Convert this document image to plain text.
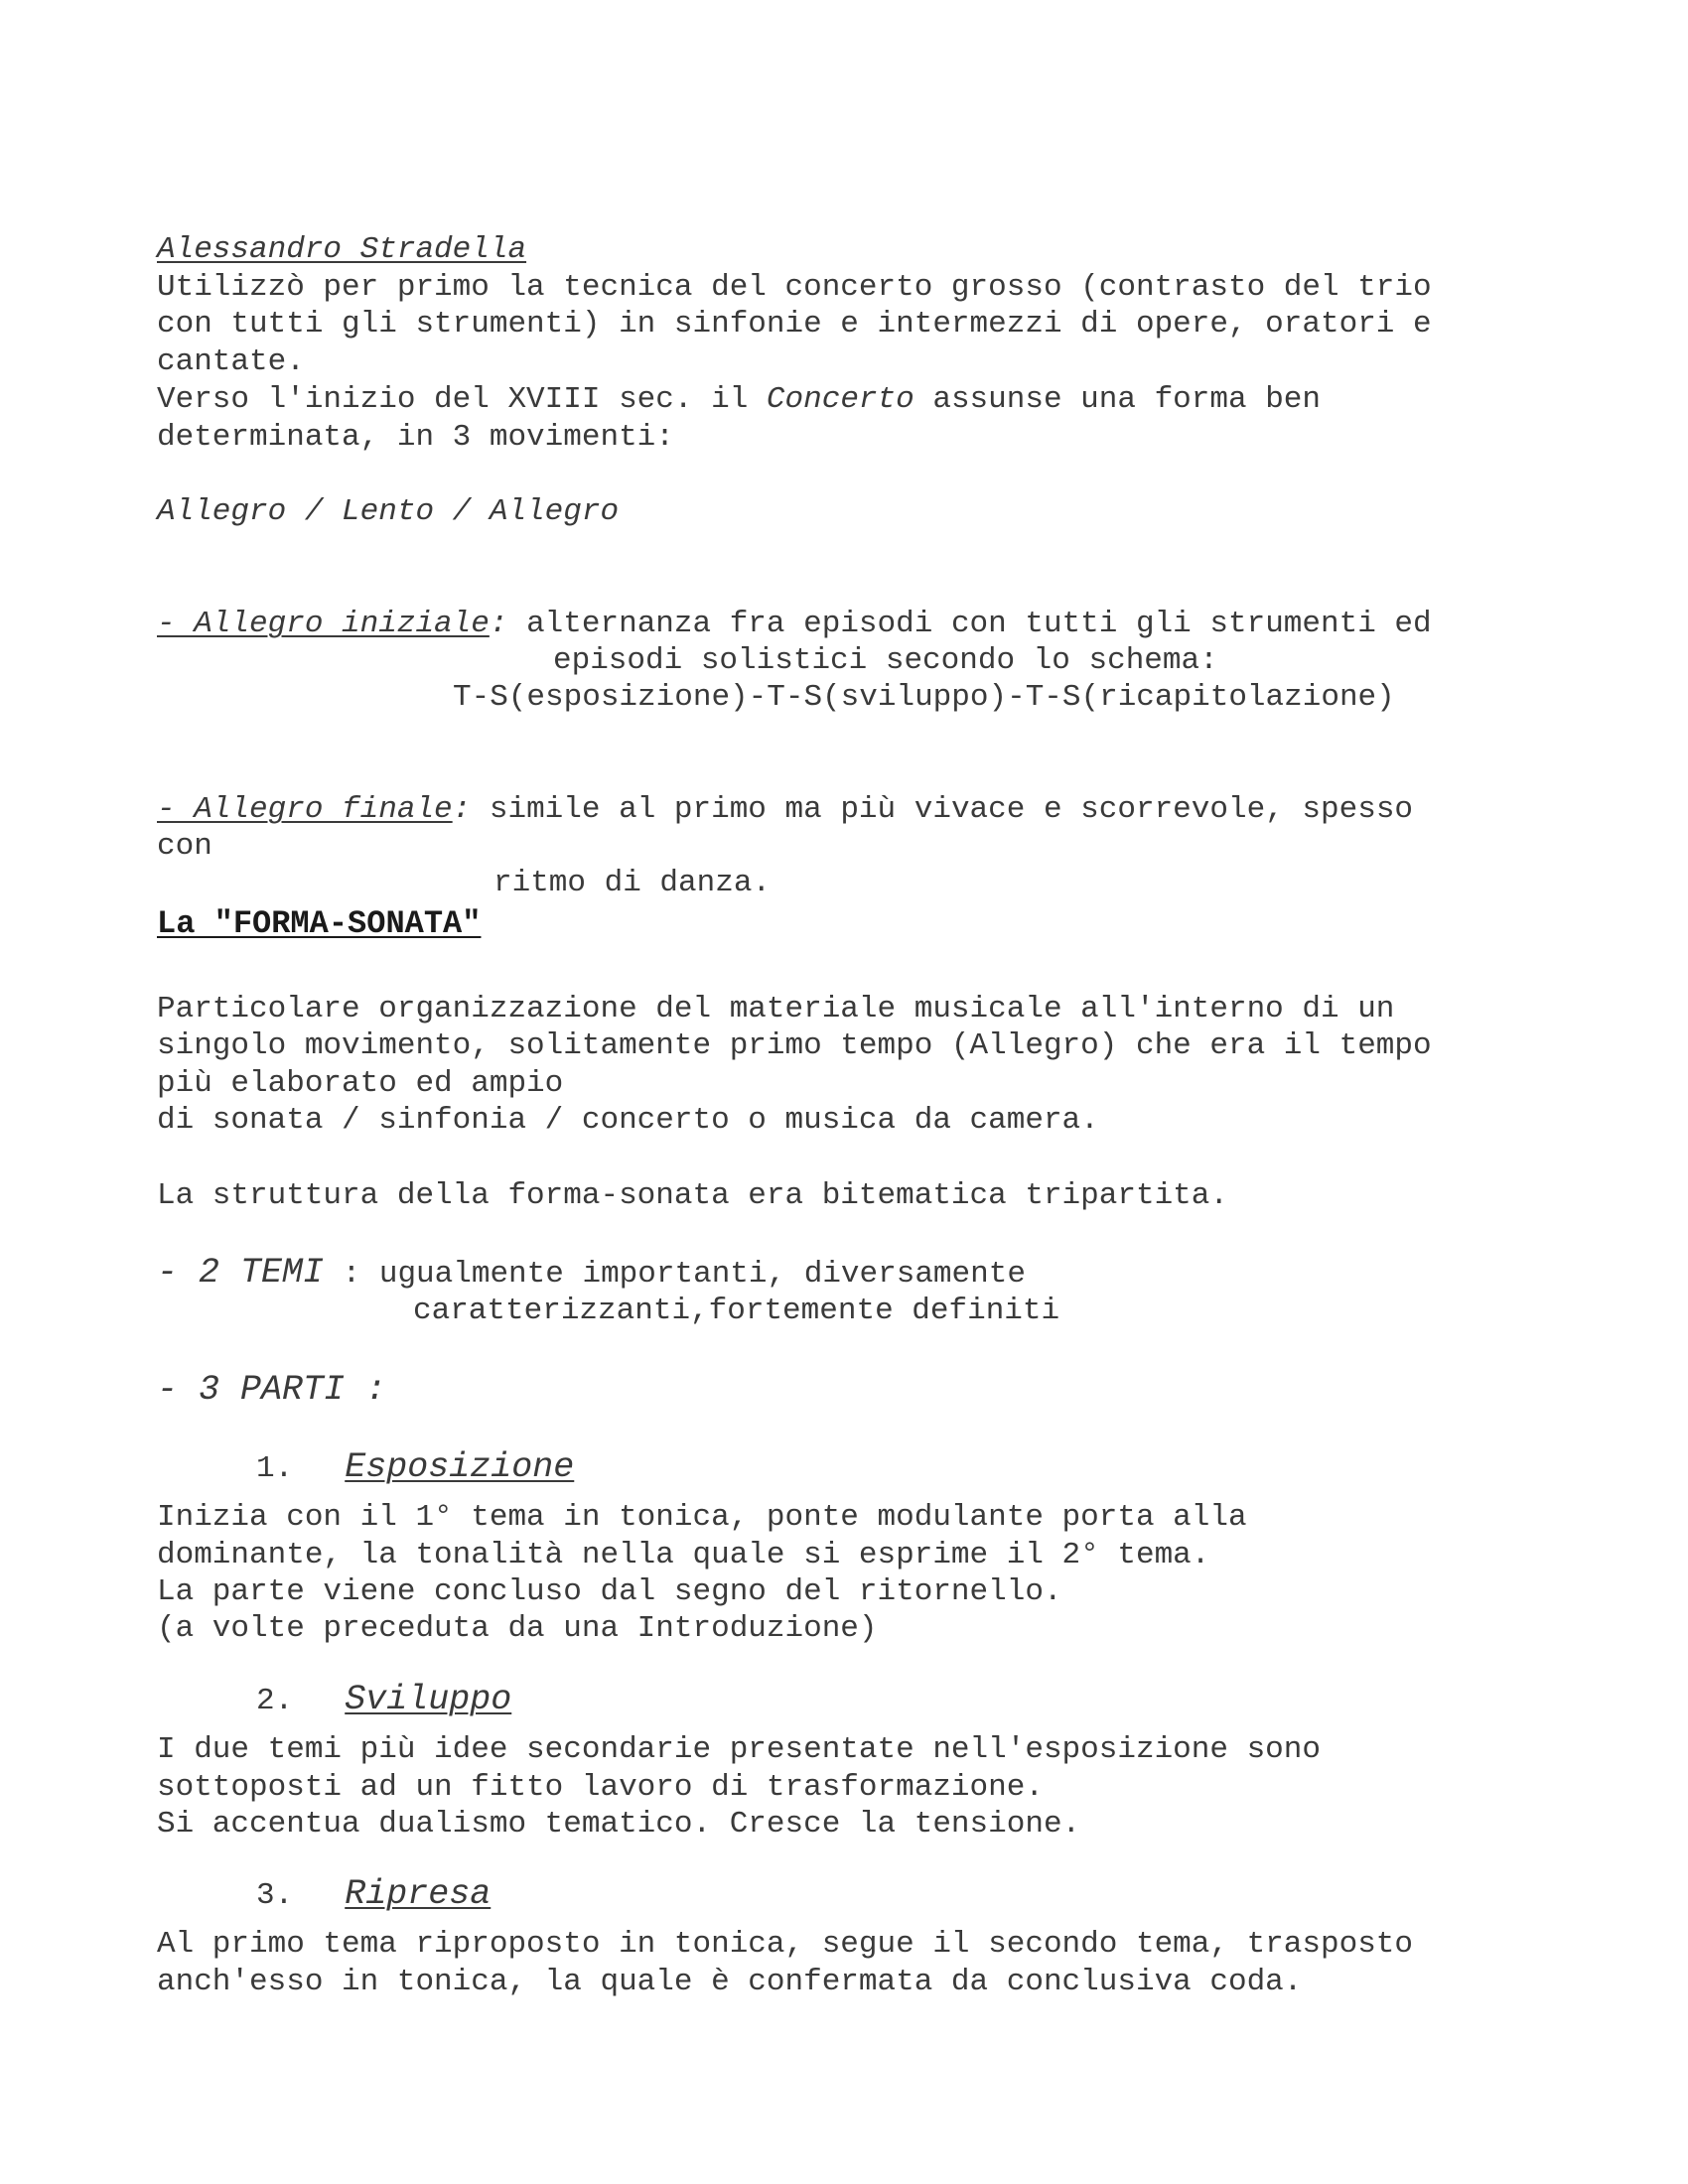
Alessandro Stradella
Utilizzò per primo la tecnica del concerto grosso (contrasto del trio
con tutti gli strumenti) in sinfonie e intermezzi di opere, oratori e
cantate.
Verso l'inizio del XVIII sec. il Concerto assunse una forma ben
determinata, in 3 movimenti:
Allegro / Lento / Allegro
- Allegro iniziale: alternanza fra episodi con tutti gli strumenti ed
episodi solistici secondo lo schema:
T-S(esposizione)-T-S(sviluppo)-T-S(ricapitolazione)
- Allegro finale: simile al primo ma più vivace e scorrevole, spesso
con
ritmo di danza.
La "FORMA-SONATA"
Particolare organizzazione del materiale musicale all'interno di un
singolo movimento, solitamente primo tempo (Allegro) che era il tempo
più elaborato ed ampio
di sonata / sinfonia / concerto o musica da camera.
La struttura della forma-sonata era bitematica tripartita.
- 2 TEMI : ugualmente importanti, diversamente
caratterizzanti,fortemente definiti
- 3 PARTI :
1. Esposizione
Inizia con il 1° tema in tonica, ponte modulante porta alla
dominante, la tonalità nella quale si esprime il 2° tema.
La parte viene concluso dal segno del ritornello.
(a volte preceduta da una Introduzione)
2. Sviluppo
I due temi più idee secondarie presentate nell'esposizione sono
sottoposti ad un fitto lavoro di trasformazione.
Si accentua dualismo tematico. Cresce la tensione.
3. Ripresa
Al primo tema riproposto in tonica, segue il secondo tema, trasposto
anch'esso in tonica, la quale è confermata da conclusiva coda.
